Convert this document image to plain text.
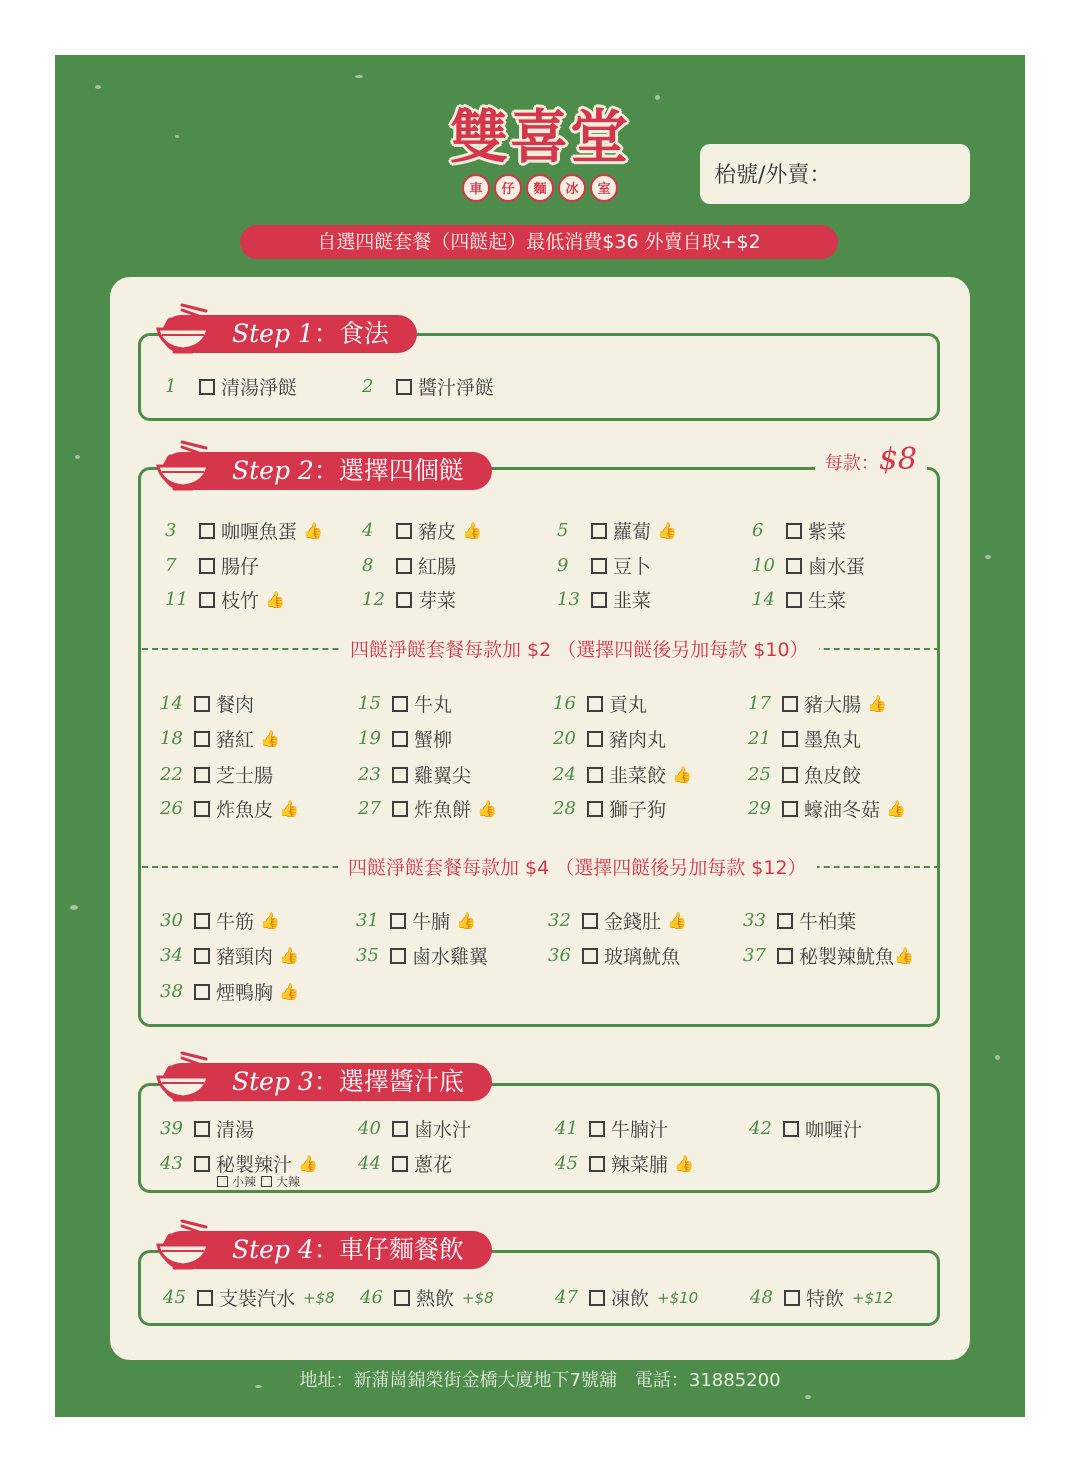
雙喜堂
車	仔	麵	冰	室
枱號/外賣：
自選四餸套餐（四餸起）最低消費$36 外賣自取+$2
Step 1：食法
1	清湯淨餸	2	醬汁淨餸
每款：$8
Step 2：選擇四個餸
3	咖喱魚蛋 👍 4	豬皮 👍	5	蘿蔔 👍	6	紫菜
7	腸仔	8	紅腸	9	豆卜	10	鹵水蛋
11	枝竹 👍	12	芽菜	13	韭菜	14	生菜
四餸淨餸套餐每款加 $2 （選擇四餸後另加每款 $10）
14	餐肉	15	牛丸	16	貢丸	17	豬大腸 👍
18	豬紅 👍	19	蟹柳	20	豬肉丸	21	墨魚丸
22	芝士腸	23	雞翼尖	24	韭菜餃 👍	25	魚皮餃
26	炸魚皮 👍	27	炸魚餅 👍	28	獅子狗	29	蠔油冬菇 👍
四餸淨餸套餐每款加 $4 （選擇四餸後另加每款 $12）
30	牛筋 👍	31	牛腩 👍	32	金錢肚 👍	33	牛柏葉
34	豬頸肉 👍	35	鹵水雞翼	36	玻璃魷魚	37	秘製辣魷魚 👍
38	煙鴨胸 👍
Step 3：選擇醬汁底
39	清湯	40	鹵水汁	41	牛腩汁	42	咖喱汁
43	秘製辣汁 👍 44	蔥花	45	辣菜脯 👍
小辣 大辣
Step 4：車仔麵餐飲
45	支裝汽水 +$8 46	熱飲 +$8	47	凍飲 +$10	48	特飲 +$12
地址：新蒲崗錦榮街金橋大廈地下7號舖　電話：31885200
